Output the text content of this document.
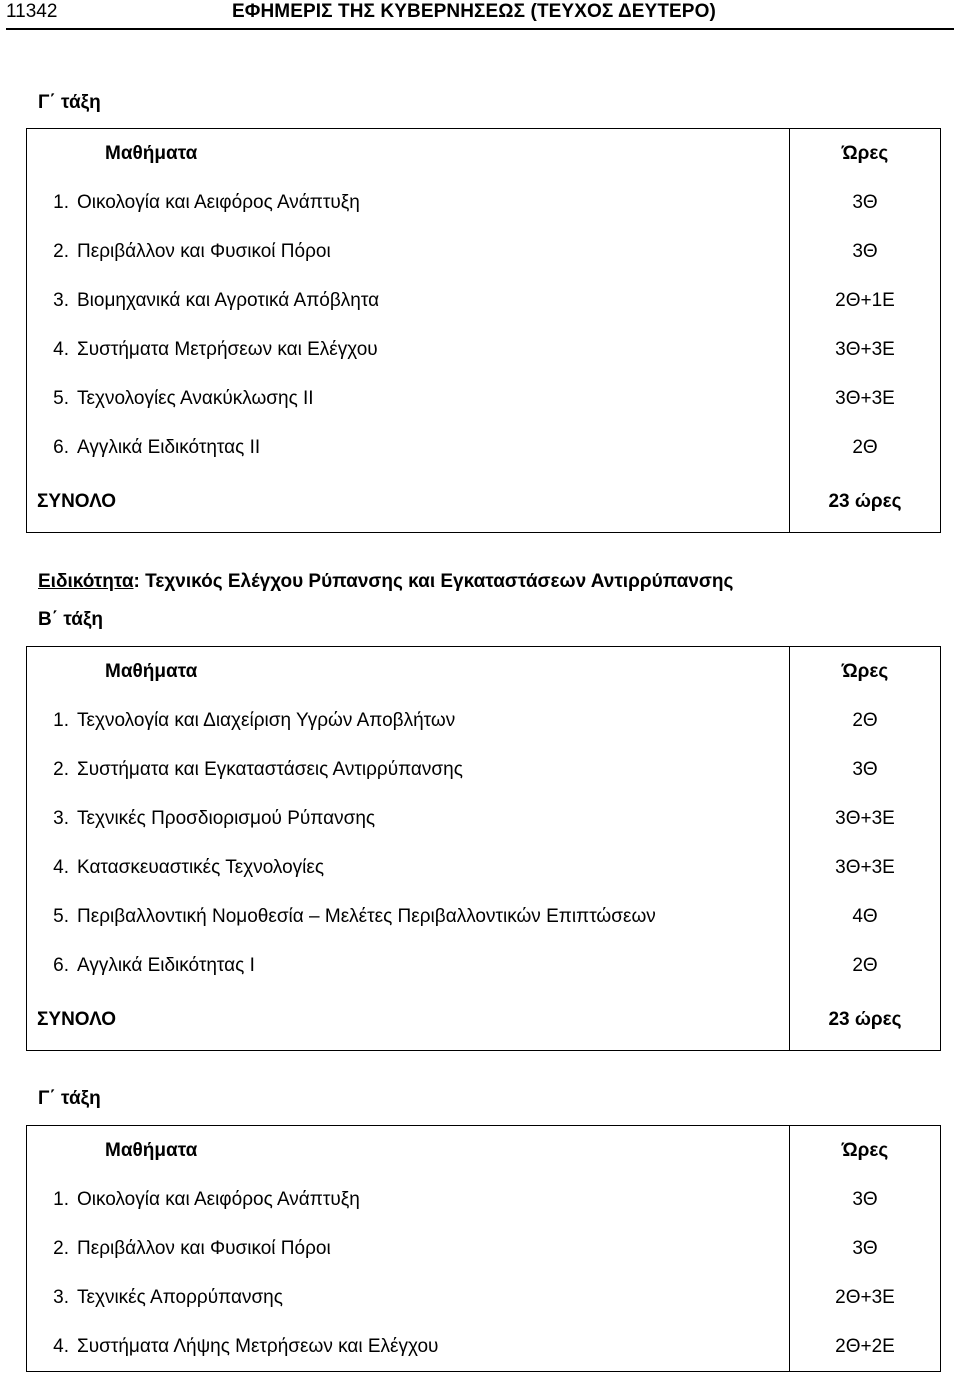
11342	ΕΦΗΜΕΡΙΣ ΤΗΣ ΚΥΒΕΡΝΗΣΕΩΣ (ΤΕΥΧΟΣ ΔΕΥΤΕΡΟ)
Γ΄ τάξη
Μαθήματα	Ώρες

1. Οικολογία και Αειφόρος Ανάπτυξη	3Θ

2. Περιβάλλον και Φυσικοί Πόροι	3Θ

3. Βιομηχανικά και Αγροτικά Απόβλητα	2Θ+1Ε

4. Συστήματα Μετρήσεων και Ελέγχου	3Θ+3Ε

5. Τεχνολογίες Ανακύκλωσης ΙΙ	3Θ+3Ε

6. Αγγλικά Ειδικότητας ΙΙ	2Θ

ΣΥΝΟΛΟ	23 ώρες
Ειδικότητα: Τεχνικός Ελέγχου Ρύπανσης και Εγκαταστάσεων Αντιρρύπανσης
Β΄ τάξη
Μαθήματα	Ώρες

1. Τεχνολογία και Διαχείριση Υγρών Αποβλήτων	2Θ

2. Συστήματα και Εγκαταστάσεις Αντιρρύπανσης	3Θ

3. Τεχνικές Προσδιορισμού Ρύπανσης	3Θ+3Ε

4. Κατασκευαστικές Τεχνολογίες	3Θ+3Ε

5. Περιβαλλοντική Νομοθεσία – Μελέτες Περιβαλλοντικών Επιπτώσεων	4Θ

6. Αγγλικά Ειδικότητας Ι	2Θ

ΣΥΝΟΛΟ	23 ώρες
Γ΄ τάξη
Μαθήματα	Ώρες

1. Οικολογία και Αειφόρος Ανάπτυξη	3Θ

2. Περιβάλλον και Φυσικοί Πόροι	3Θ

3. Τεχνικές Απορρύπανσης	2Θ+3Ε

4. Συστήματα Λήψης Μετρήσεων και Ελέγχου	2Θ+2Ε
